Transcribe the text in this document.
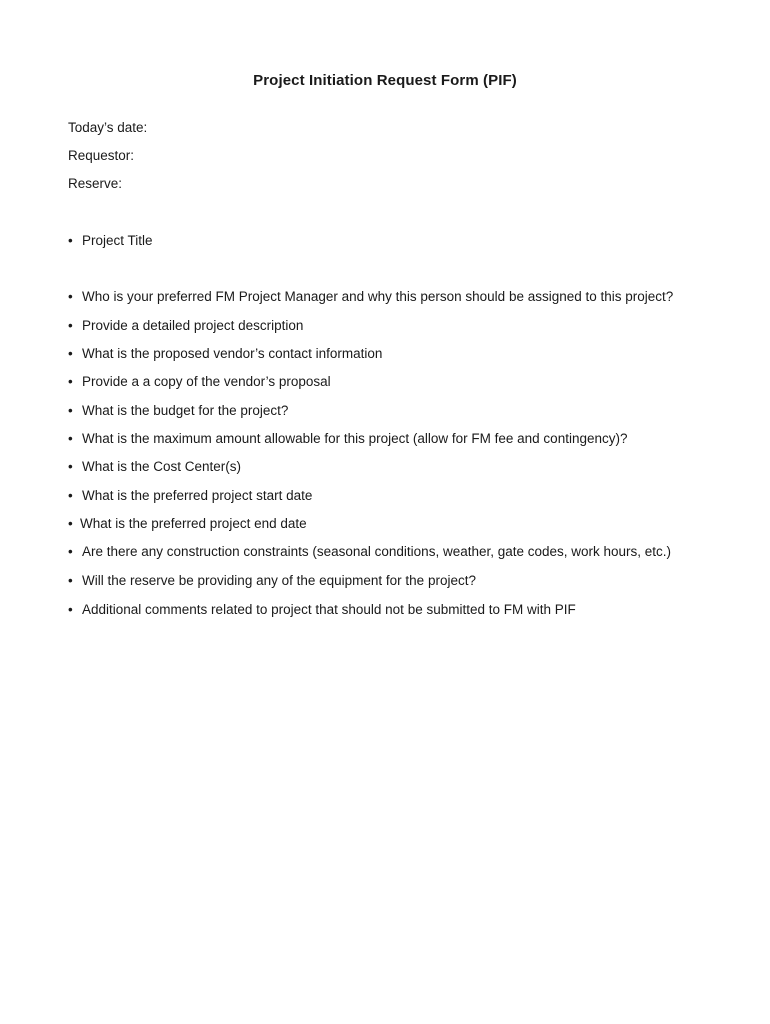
Project Initiation Request Form (PIF)
Today’s date:
Requestor:
Reserve:
• Project Title
• Who is your preferred FM Project Manager and why this person should be assigned to this project?
• Provide a detailed project description
• What is the proposed vendor’s contact information
• Provide a a copy of the vendor’s proposal
• What is the budget for the project?
• What is the maximum amount allowable for this project (allow for FM fee and contingency)?
• What is the Cost Center(s)
• What is the preferred project start date
• What is the preferred project end date
• Are there any construction constraints (seasonal conditions, weather, gate codes, work hours, etc.)
• Will the reserve be providing any of the equipment for the project?
• Additional comments related to project that should not be submitted to FM with PIF
